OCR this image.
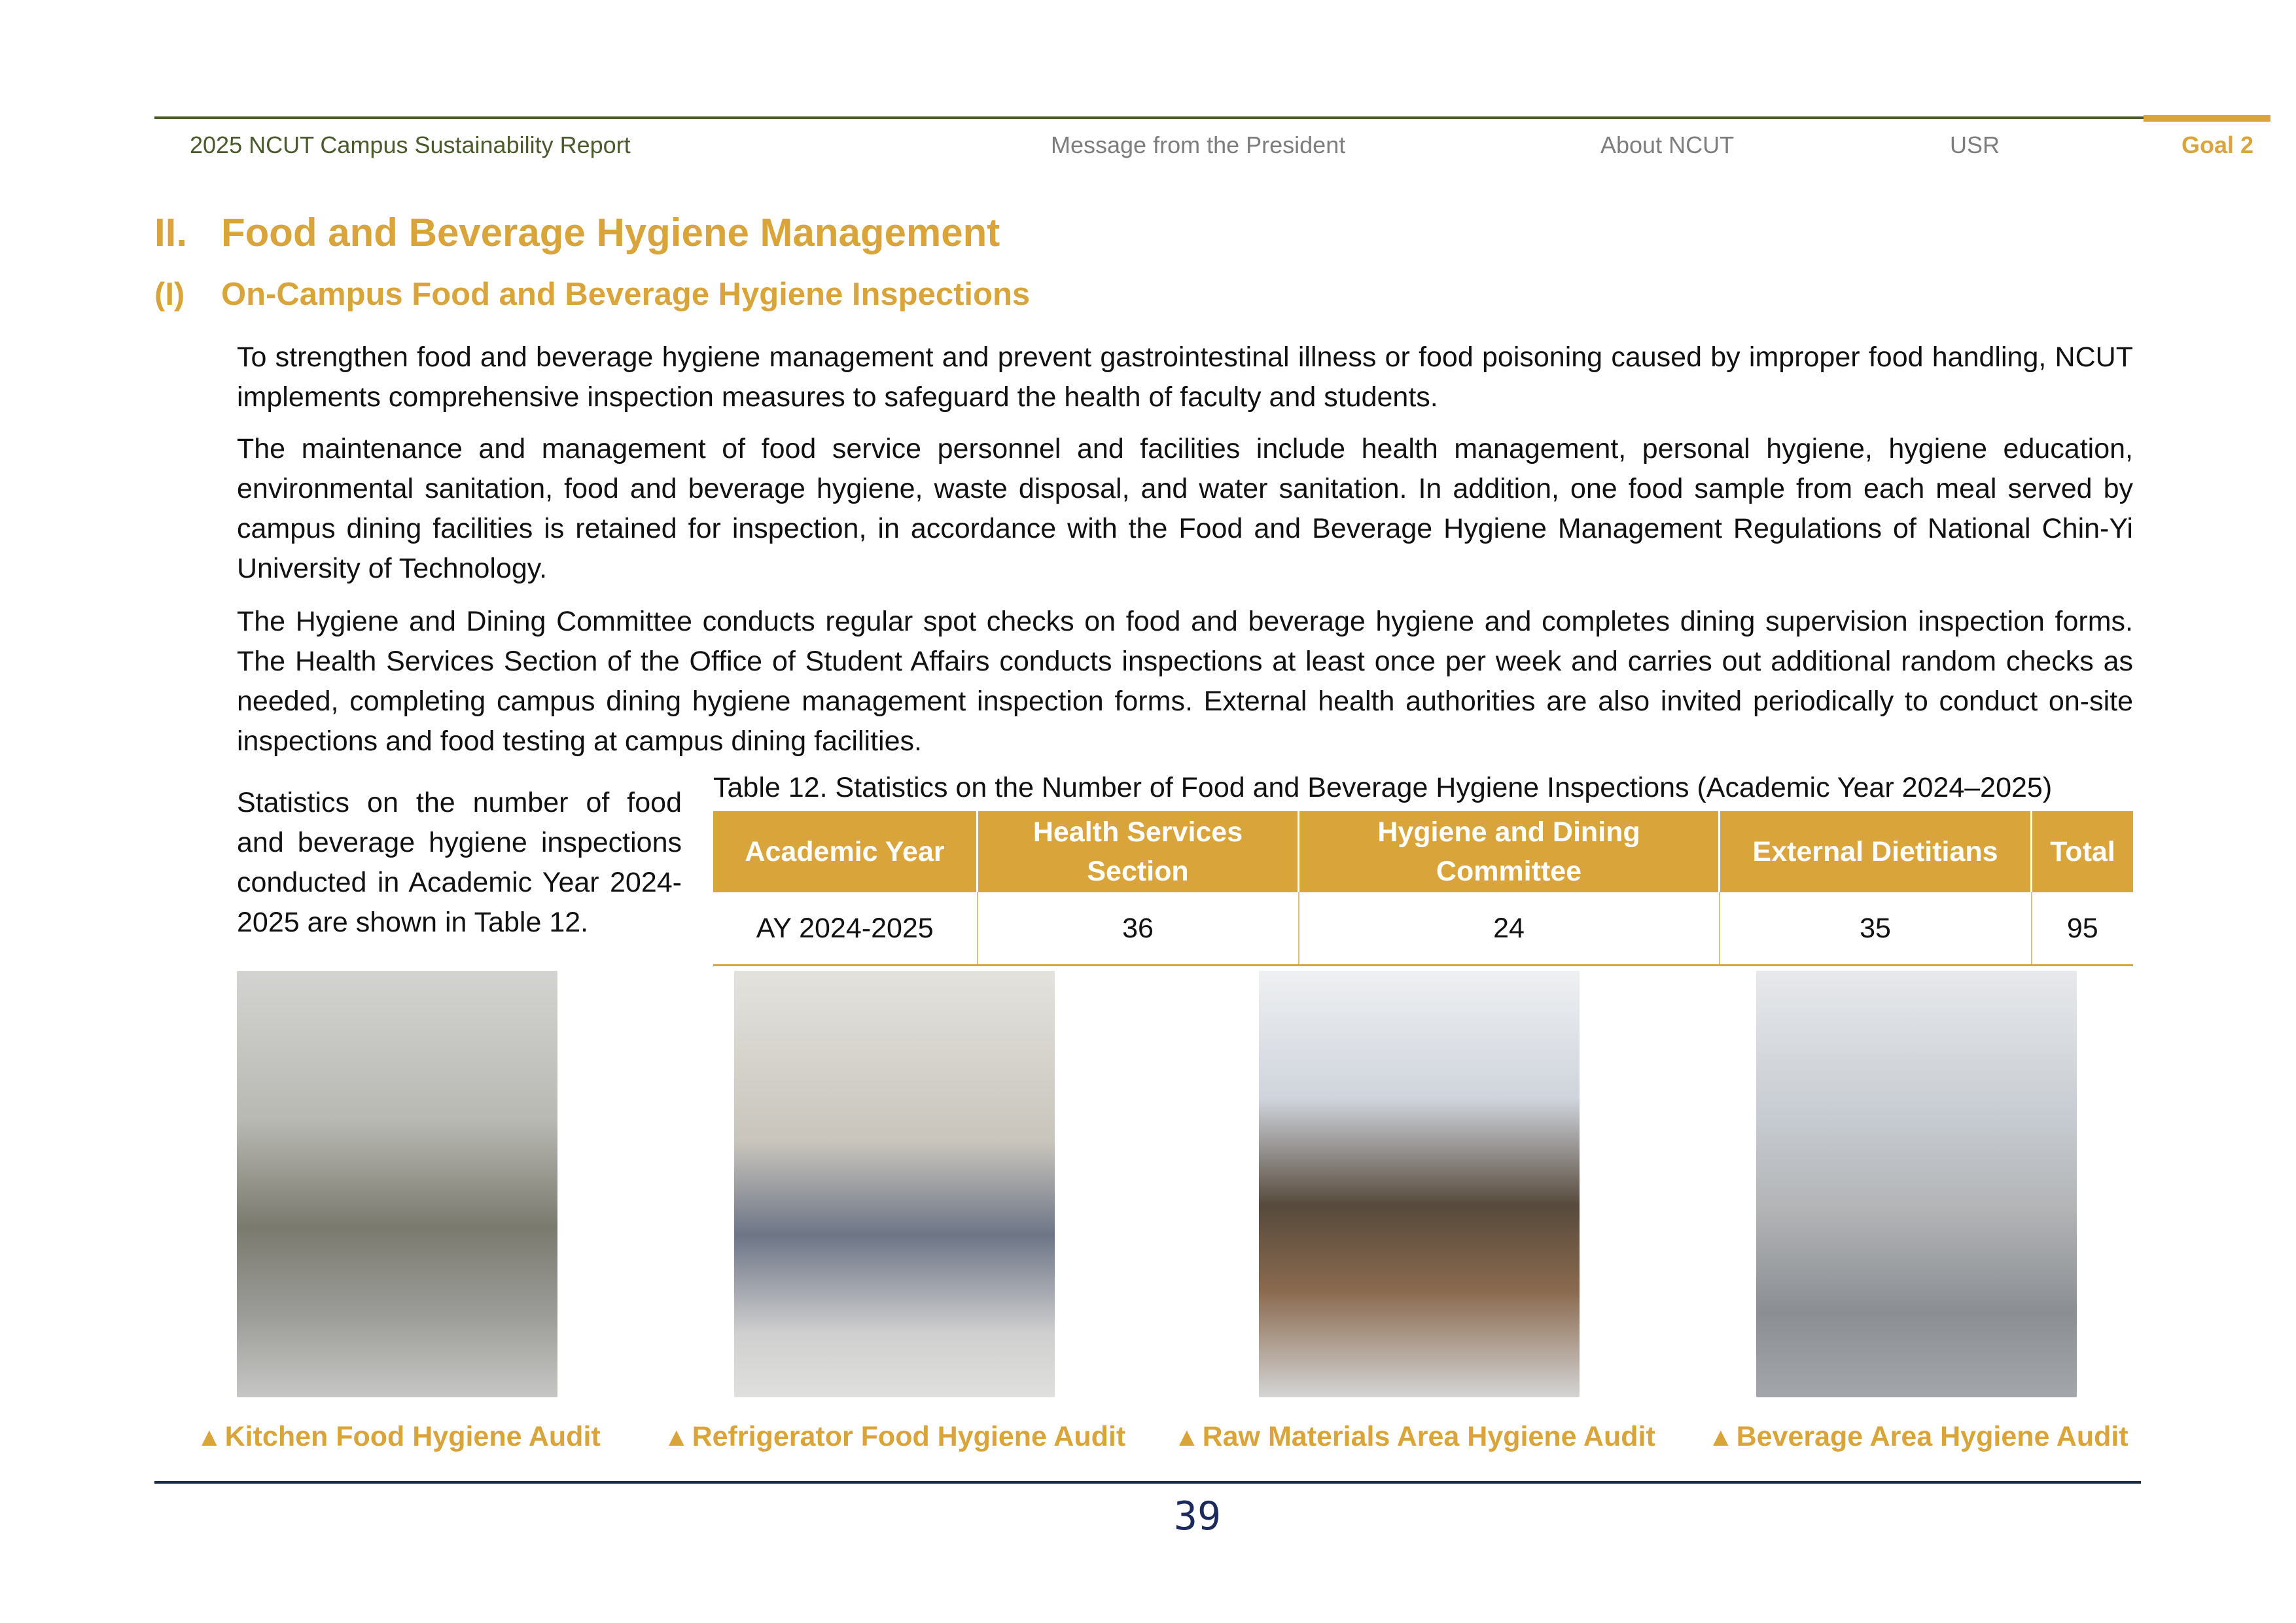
2025 NCUT Campus Sustainability Report	Message from the President	About NCUT	USR	Goal 2
II. Food and Beverage Hygiene Management
(I) On-Campus Food and Beverage Hygiene Inspections

To strengthen food and beverage hygiene management and prevent gastrointestinal illness or food poisoning caused by improper food handling, NCUT implements comprehensive inspection measures to safeguard the health of faculty and students.

The maintenance and management of food service personnel and facilities include health management, personal hygiene, hygiene education, environmental sanitation, food and beverage hygiene, waste disposal, and water sanitation. In addition, one food sample from each meal served by campus dining facilities is retained for inspection, in accordance with the Food and Beverage Hygiene Management Regulations of National Chin-Yi University of Technology.

The Hygiene and Dining Committee conducts regular spot checks on food and beverage hygiene and completes dining supervision inspection forms. The Health Services Section of the Office of Student Affairs conducts inspections at least once per week and carries out additional random checks as needed, completing campus dining hygiene management inspection forms. External health authorities are also invited periodically to conduct on-site inspections and food testing at campus dining facilities.

Statistics on the number of food and beverage hygiene inspections conducted in Academic Year 2024-2025 are shown in Table 12.

Table 12. Statistics on the Number of Food and Beverage Hygiene Inspections (Academic Year 2024–2025)
Academic Year	Health Services Section	Hygiene and Dining Committee	External Dietitians	Total
AY 2024-2025	36	24	35	95
▲Kitchen Food Hygiene Audit ▲Refrigerator Food Hygiene Audit ▲Raw Materials Area Hygiene Audit ▲Beverage Area Hygiene Audit
39
